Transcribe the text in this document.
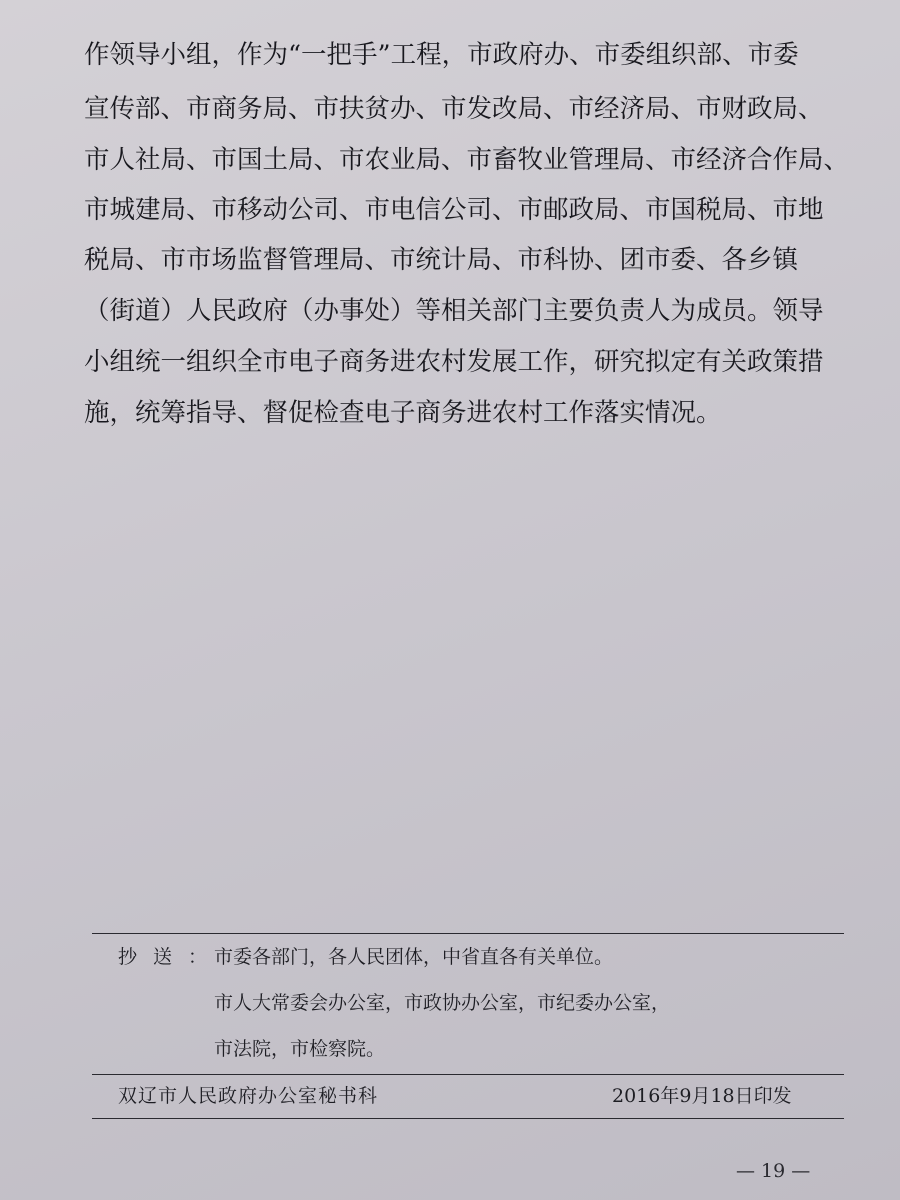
作领导小组，作为“一把手”工程，市政府办、市委组织部、市委
宣传部、市商务局、市扶贫办、市发改局、市经济局、市财政局、
市人社局、市国土局、市农业局、市畜牧业管理局、市经济合作局、
市城建局、市移动公司、市电信公司、市邮政局、市国税局、市地
税局、市市场监督管理局、市统计局、市科协、团市委、各乡镇
（街道）人民政府（办事处）等相关部门主要负责人为成员。领导
小组统一组织全市电子商务进农村发展工作，研究拟定有关政策措
施，统筹指导、督促检查电子商务进农村工作落实情况。
抄送：
市委各部门，各人民团体，中省直各有关单位。
市人大常委会办公室，市政协办公室，市纪委办公室，
市法院，市检察院。
双辽市人民政府办公室秘书科	2016年9月18日印发
— 19 —
